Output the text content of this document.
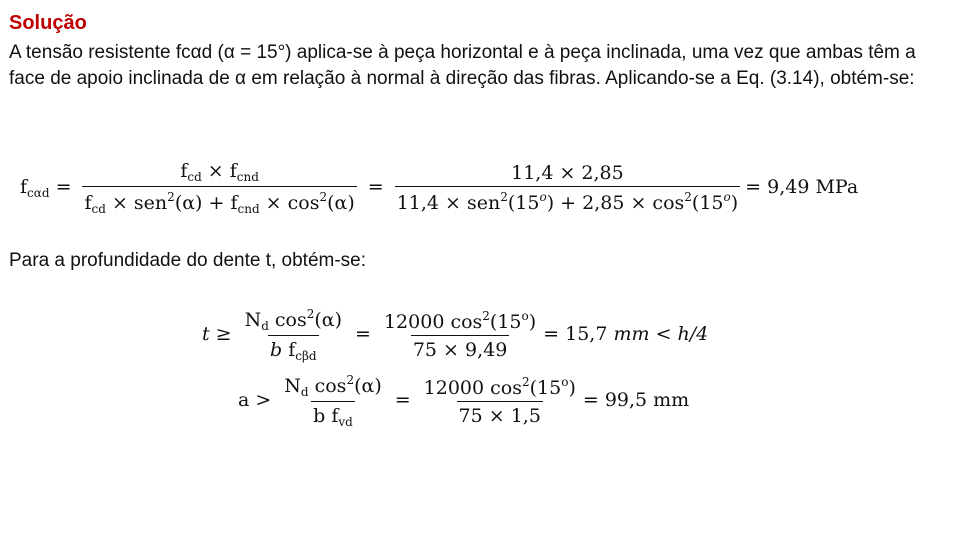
Solução
A tensão resistente fcαd (α = 15°) aplica-se à peça horizontal e à peça inclinada, uma vez que ambas têm a face de apoio inclinada de α em relação à normal à direção das fibras. Aplicando-se a Eq. (3.14), obtém-se:
$f_{c\alpha d} = \frac{f_{cd} \times f_{cnd}}{f_{cd} \times sen^2(\alpha) + f_{cnd} \times \cos^2(\alpha)} = \frac{11,4 \times 2,85}{11,4 \times sen^2(15^o) + 2,85 \times \cos^2(15^o)} = 9,49$ MPa
Para a profundidade do dente t, obtém-se:
$t \ge \frac{N_d \cos^2(\alpha)}{b f_{c\beta d}} = \frac{12000 \cos^2(15^o)}{75 \times 9,49} = 15,7$ mm < h/4
$a > \frac{N_d \cos^2(\alpha)}{b f_{vd}} = \frac{12000 \cos^2(15^o)}{75 \times 1,5} = 99,5$ mm
